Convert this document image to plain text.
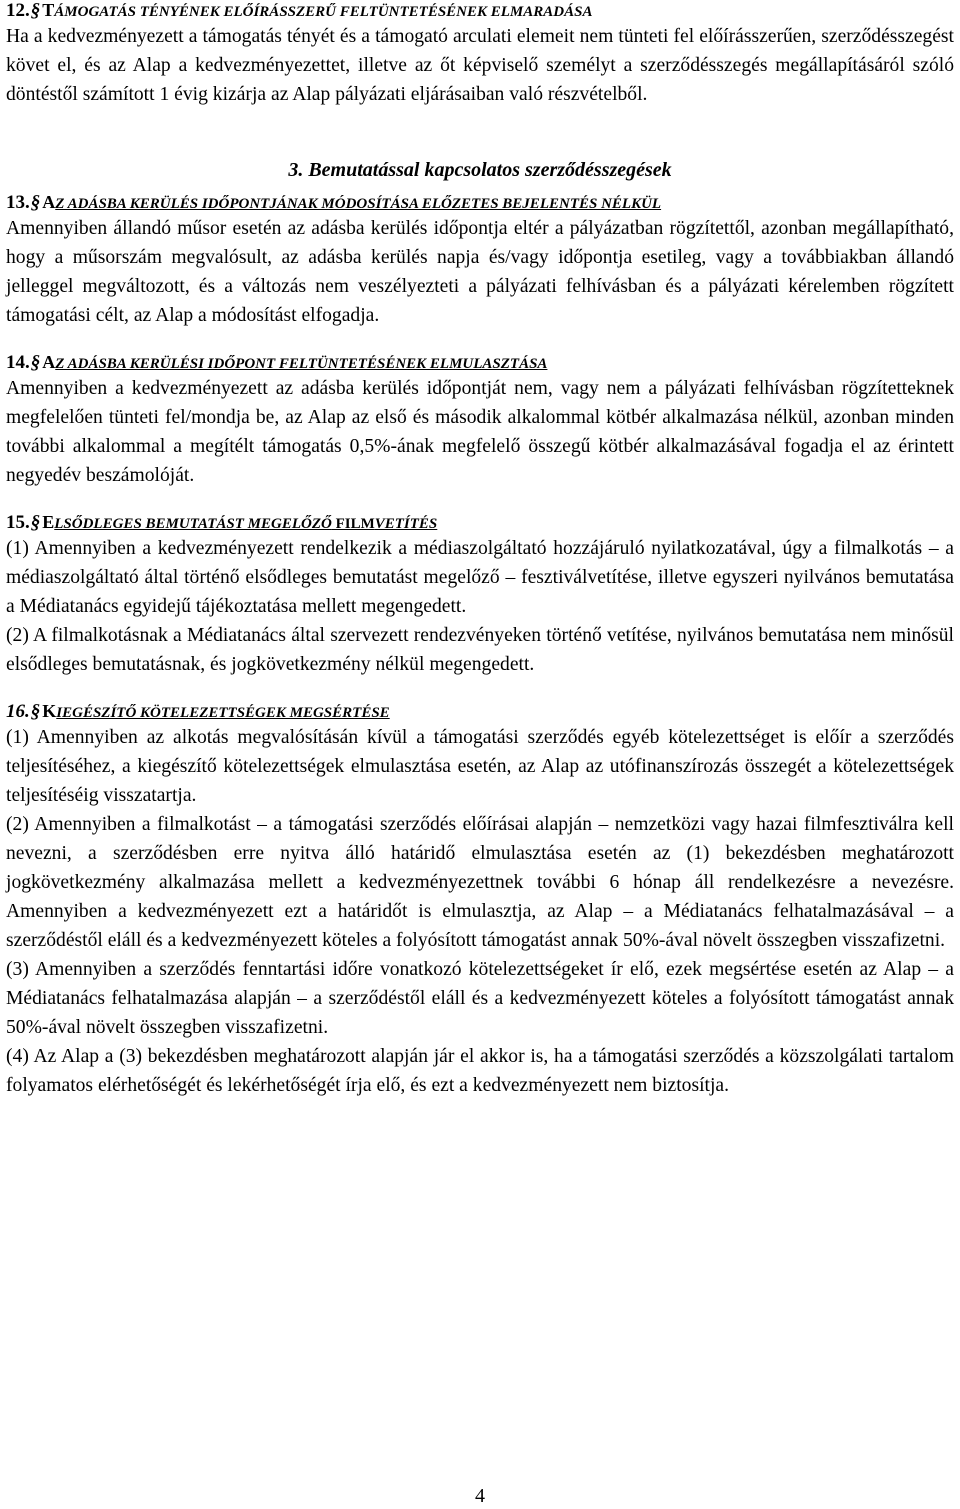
12.§ TÁMOGATÁS TÉNYÉNEK ELŐÍRÁSSZERŰ FELTÜNTETÉSÉNEK ELMARADÁSA

Ha a kedvezményezett a támogatás tényét és a támogató arculati elemeit nem tünteti fel előírásszerűen, szerződésszegést követ el, és az Alap a kedvezményezettet, illetve az őt képviselő személyt a szerződésszegés megállapításáról szóló döntéstől számított 1 évig kizárja az Alap pályázati eljárásaiban való részvételből.

3. Bemutatással kapcsolatos szerződésszegések
13.§ AZ ADÁSBA KERÜLÉS IDŐPONTJÁNAK MÓDOSÍTÁSA ELŐZETES BEJELENTÉS NÉLKÜL

Amennyiben állandó műsor esetén az adásba kerülés időpontja eltér a pályázatban rögzítettől, azonban megállapítható, hogy a műsorszám megvalósult, az adásba kerülés napja és/vagy időpontja esetileg, vagy a továbbiakban állandó jelleggel megváltozott, és a változás nem veszélyezteti a pályázati felhívásban és a pályázati kérelemben rögzített támogatási célt, az Alap a módosítást elfogadja.

14.§ AZ ADÁSBA KERÜLÉSI IDŐPONT FELTÜNTETÉSÉNEK ELMULASZTÁSA

Amennyiben a kedvezményezett az adásba kerülés időpontját nem, vagy nem a pályázati felhívásban rögzítetteknek megfelelően tünteti fel/mondja be, az Alap az első és második alkalommal kötbér alkalmazása nélkül, azonban minden további alkalommal a megítélt támogatás 0,5%-ának megfelelő összegű kötbér alkalmazásával fogadja el az érintett negyedév beszámolóját.

15.§ ELSŐDLEGES BEMUTATÁST MEGELŐZŐ FILMVETÍTÉS

(1) Amennyiben a kedvezményezett rendelkezik a médiaszolgáltató hozzájáruló nyilatkozatával, úgy a filmalkotás – a médiaszolgáltató által történő elsődleges bemutatást megelőző – fesztiválvetítése, illetve egyszeri nyilvános bemutatása a Médiatanács egyidejű tájékoztatása mellett megengedett.

(2) A filmalkotásnak a Médiatanács által szervezett rendezvényeken történő vetítése, nyilvános bemutatása nem minősül elsődleges bemutatásnak, és jogkövetkezmény nélkül megengedett.

16.§ KIEGÉSZÍTŐ KÖTELEZETTSÉGEK MEGSÉRTÉSE

(1) Amennyiben az alkotás megvalósításán kívül a támogatási szerződés egyéb kötelezettséget is előír a szerződés teljesítéséhez, a kiegészítő kötelezettségek elmulasztása esetén, az Alap az utófinanszírozás összegét a kötelezettségek teljesítéséig visszatartja.

(2) Amennyiben a filmalkotást – a támogatási szerződés előírásai alapján – nemzetközi vagy hazai filmfesztiválra kell nevezni, a szerződésben erre nyitva álló határidő elmulasztása esetén az (1) bekezdésben meghatározott jogkövetkezmény alkalmazása mellett a kedvezményezettnek további 6 hónap áll rendelkezésre a nevezésre. Amennyiben a kedvezményezett ezt a határidőt is elmulasztja, az Alap – a Médiatanács felhatalmazásával – a szerződéstől eláll és a kedvezményezett köteles a folyósított támogatást annak 50%-ával növelt összegben visszafizetni.

(3) Amennyiben a szerződés fenntartási időre vonatkozó kötelezettségeket ír elő, ezek megsértése esetén az Alap – a Médiatanács felhatalmazása alapján – a szerződéstől eláll és a kedvezményezett köteles a folyósított támogatást annak 50%-ával növelt összegben visszafizetni.

(4) Az Alap a (3) bekezdésben meghatározott alapján jár el akkor is, ha a támogatási szerződés a közszolgálati tartalom folyamatos elérhetőségét és lekérhetőségét írja elő, és ezt a kedvezményezett nem biztosítja.

4
